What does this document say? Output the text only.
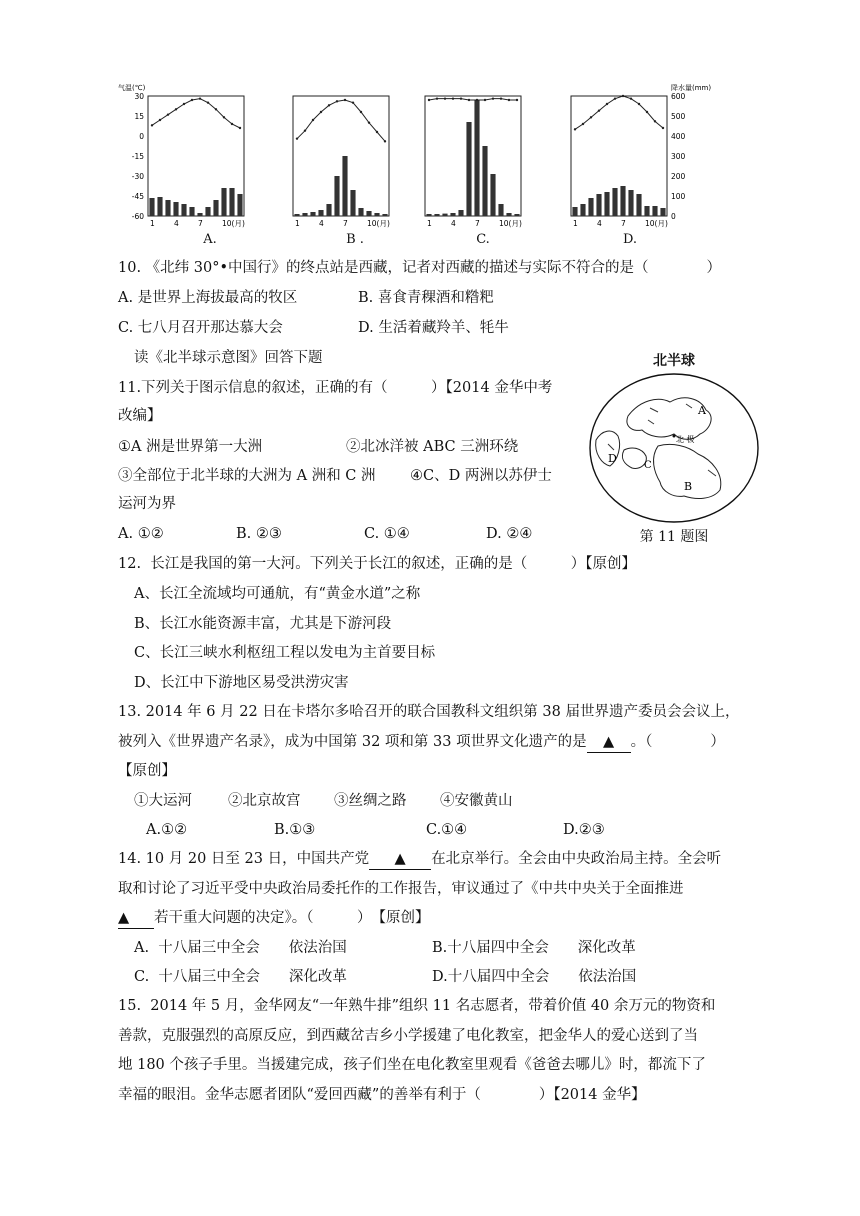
气温(℃)
30
15
0
-15
-30
-45
-60
1	4	7	10(月)	1	4	7	10(月)	1	4	7	10(月)
降水量(mm)
600
500
400
300
200
100
0
1	4	7	10(月)
A.	B .	C.	D.
10. 《北纬 30°•中国行》的终点站是西藏，记者对西藏的描述与实际不符合的是（　　　　）
A. 是世界上海拔最高的牧区	B. 喜食青稞酒和糌粑
C. 七八月召开那达慕大会	D. 生活着藏羚羊、牦牛
读《北半球示意图》回答下题
11.下列关于图示信息的叙述，正确的有（　　　）【2014 金华中考
改编】
①A 洲是世界第一大洲	②北冰洋被 ABC 三洲环绕
③全部位于北半球的大洲为 A 洲和 C 洲 ④C、D 两洲以苏伊士
运河为界
A. ①②	B. ②③	C. ①④	D. ②④
北半球
A
B
C
D
北 极
第 11 题图
12.  长江是我国的第一大河。下列关于长江的叙述，正确的是（　　　）【原创】
A、长江全流域均可通航，有“黄金水道”之称
B、长江水能资源丰富，尤其是下游河段
C、长江三峡水利枢纽工程以发电为主首要目标
D、长江中下游地区易受洪涝灾害
13. 2014 年 6 月 22 日在卡塔尔多哈召开的联合国教科文组织第 38 届世界遗产委员会会议上，
被列入《世界遗产名录》，成为中国第 32 项和第 33 项世界文化遗产的是 ▲ 。（　　　　）
【原创】
①大运河 ②北京故宫 ③丝绸之路 ④安徽黄山
A.①②	B.①③	C.①④	D.②③
14. 10 月 20 日至 23 日，中国共产党 ▲ 在北京举行。全会由中央政治局主持。全会听
取和讨论了习近平受中央政治局委托作的工作报告，审议通过了《中共中央关于全面推进
▲ 若干重大问题的决定》。（　　　）　【原创】
A.  十八届三中全会　　依法治国	B.十八届四中全会　　深化改革
C.  十八届三中全会　　深化改革	D.十八届四中全会　　依法治国
15.  2014 年 5 月，金华网友“一年熟牛排”组织 11 名志愿者，带着价值 40 余万元的物资和
善款，克服强烈的高原反应，到西藏岔吉乡小学援建了电化教室，把金华人的爱心送到了当
地 180 个孩子手里。当援建完成，孩子们坐在电化教室里观看《爸爸去哪儿》时，都流下了
幸福的眼泪。金华志愿者团队“爱回西藏”的善举有利于（　　　　）【2014 金华】
